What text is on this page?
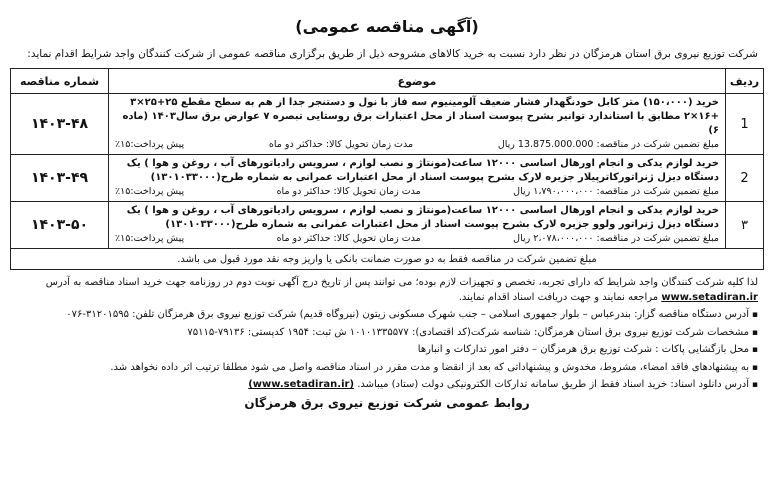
(آگهی مناقصه عمومی)
شرکت توزیع نیروی برق استان هرمزگان در نظر دارد نسبت به خرید کالاهای مشروحه ذیل از طریق برگزاری مناقصه عمومی از شرکت کنندگان واجد شرایط اقدام نماید:
ردیف	موضوع	شماره مناقصه
1	خرید (۱۵۰،۰۰۰) متر کابل خودنگهدار فشار ضعیف آلومینیوم سه فاز با نول و دستنجر جدا از هم به سطح مقطع ۲۵+۲۵×۳ +۱۶×۲ مطابق با استاندارد توانیر بشرح پیوست اسناد از محل اعتبارات برق روستایی تبصره ۷ عوارض برق سال۱۴۰۳ (ماده ۶)
مبلغ تضمین شرکت در مناقصه: 13.875.000.000 ریال
مدت زمان تحویل کالا: حداکثر دو ماه
پیش پرداخت:۱۵٪	۱۴۰۳-۴۸
2	خرید لوازم یدکی و انجام اورهال اساسی ۱۲۰۰۰ ساعت(مونتاژ و نصب لوازم ، سرویس رادیاتورهای آب ، روغن و هوا ) یک دستگاه دیزل ژنراتورکاترپیلار جزیره لارک بشرح پیوست اسناد از محل اعتبارات عمرانی به شماره طرح(۱۳۰۱۰۳۳۰۰۰)
مبلغ تضمین شرکت در مناقصه: ۱،۷۹۰،۰۰۰،۰۰۰ ریال
مدت زمان تحویل کالا: حداکثر دو ماه
پیش پرداخت:۱۵٪	۱۴۰۳-۴۹
۳	خرید لوازم یدکی و انجام اورهال اساسی ۱۲۰۰۰ ساعت(مونتاژ و نصب لوازم ، سرویس رادیاتورهای آب ، روغن و هوا ) یک دستگاه دیزل ژنراتور ولوو جزیره لارک بشرح پیوست اسناد از محل اعتبارات عمرانی به شماره طرح(۱۳۰۱۰۳۳۰۰۰)
مبلغ تضمین شرکت در مناقصه: ۲،۰۷۸،۰۰۰،۰۰۰ ریال
مدت زمان تحویل کالا: حداکثر دو ماه
پیش پرداخت:۱۵٪	۱۴۰۳-۵۰
مبلغ تضمین شرکت در مناقصه فقط به دو صورت ضمانت بانکی یا واریز وجه نقد مورد قبول می باشد.		

لذا کلیه شرکت کنندگان واجد شرایط که دارای تجربه، تخصص و تجهیزات لازم بوده؛ می توانند پس از تاریخ درج آگهی نوبت دوم در روزنامه جهت خرید اسناد مناقصه به آدرس www.setadiran.ir مراجعه نمایند و جهت دریافت اسناد اقدام نمایند.

▪ آدرس دستگاه مناقصه گزار: بندرعباس – بلوار جمهوری اسلامی – جنب شهرک مسکونی زیتون (نیروگاه قدیم) شرکت توزیع نیروی برق هرمزگان تلفن: ۳۱۲۰۱۵۹۵-۰۷۶

▪ مشخصات شرکت توزیع نیروی برق استان هرمزگان: شناسه شرکت(کد اقتصادی): ۱۰۱۰۱۳۳۵۵۷۷ ش ثبت: ۱۹۵۴ کدپستی: ۷۹۱۳۶-۷۵۱۱۵

▪ محل بازگشایی پاکات : شرکت توزیع برق هرمزگان – دفتر امور تدارکات و انبارها

▪ به پیشنهادهای فاقد امضاء، مشروط، مخدوش و پیشنهاداتی که بعد از انقضا و مدت مقرر در اسناد مناقصه واصل می شود مطلقا ترتیب اثر داده نخواهد شد.

▪ آدرس دانلود اسناد: خرید اسناد فقط از طریق سامانه تدارکات الکترونیکی دولت (ستاد) میباشد. (www.setadiran.ir)

روابط عمومی شرکت توزیع نیروی برق هرمزگان
